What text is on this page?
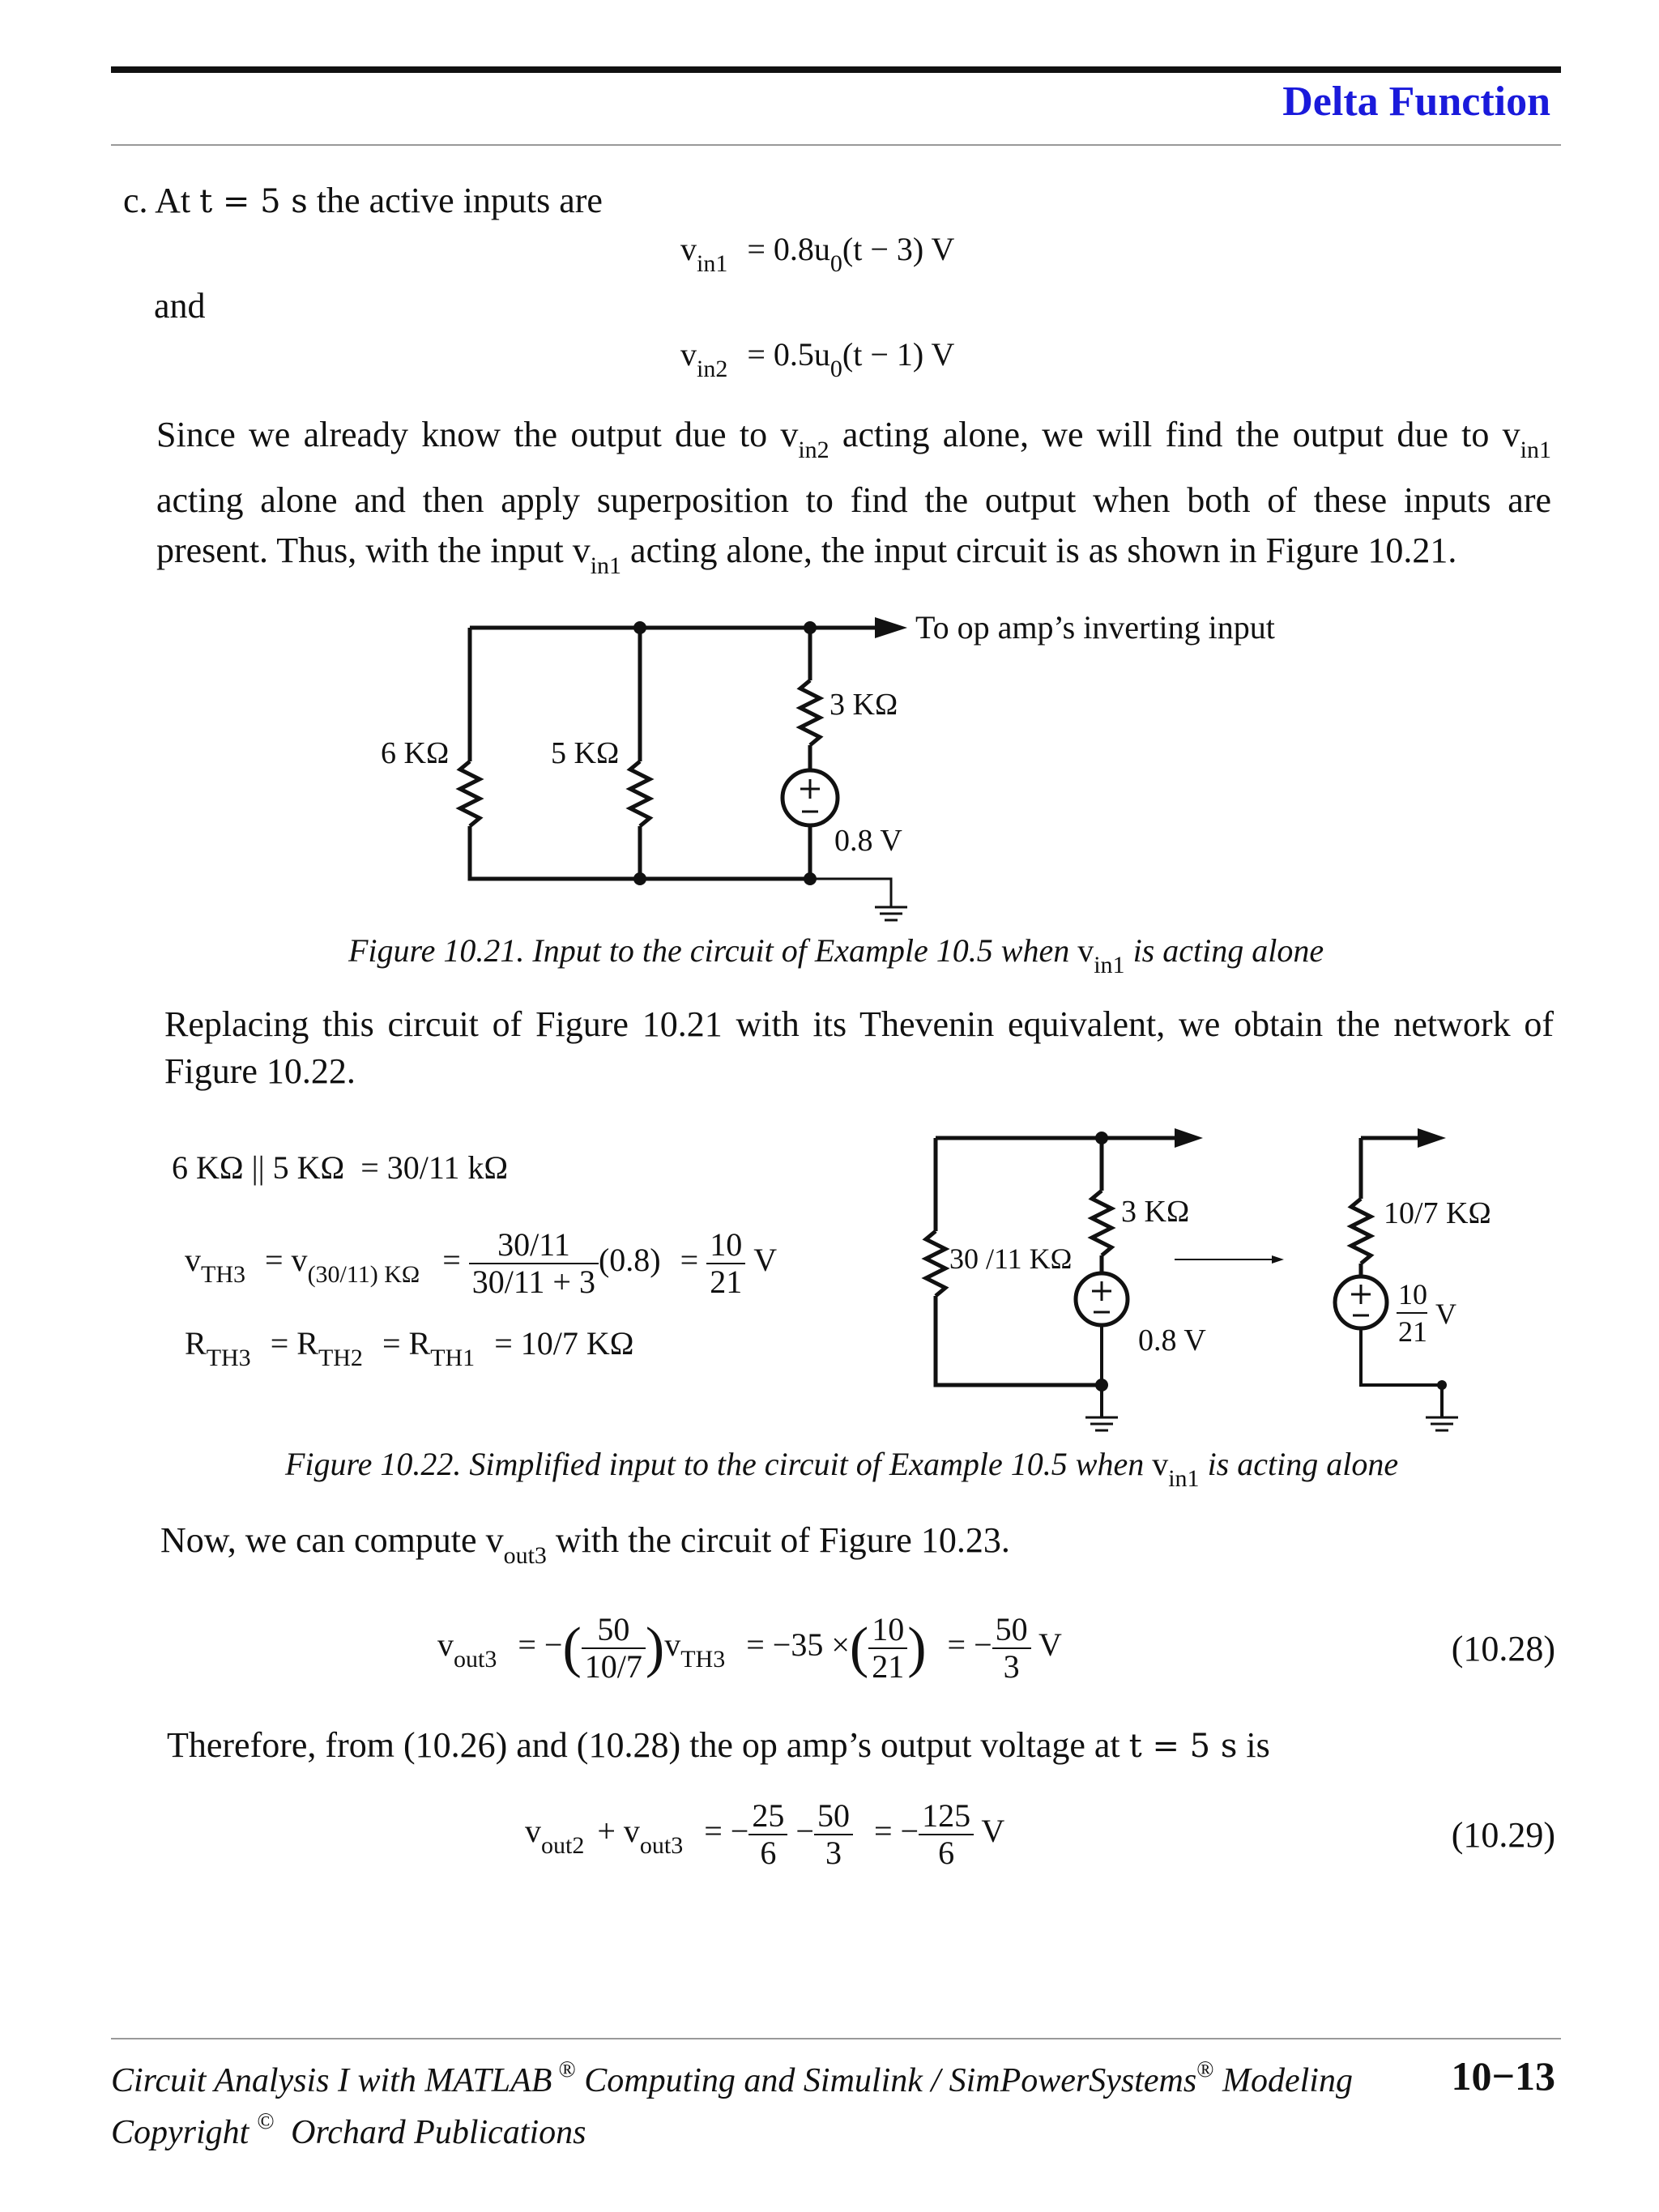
Delta Function
c. At t = 5 s the active inputs are
$v_{in1} = 0.8u_0(t - 3)$ V
and
$v_{in2} = 0.5u_0(t - 1)$ V
Since we already know the output due to $v_{in2}$ acting alone, we will find the output due to $v_{in1}$ acting alone and then apply superposition to find the output when both of these inputs are present. Thus, with the input $v_{in1}$ acting alone, the input circuit is as shown in Figure 10.21.
6 KΩ	5 KΩ
3 KΩ
0.8 V
To op amp’s inverting input
Figure 10.21. Input to the circuit of Example 10.5 when $v_{in1}$ is acting alone
Replacing this circuit of Figure 10.21 with its Thevenin equivalent, we obtain the network of Figure 10.22.
6 KΩ || 5 KΩ  = 30/11 kΩ
$v_{TH3} = v_{(30/11) K\Omega} = \frac{30/11}{30/11 + 3} (0.8) = \frac{10}{21}$ V
$R_{TH3} = R_{TH2} = R_{TH1} = 10/7$ KΩ
30 /11 KΩ
3 KΩ
0.8 V
10/7 KΩ
10
21
V
Figure 10.22. Simplified input to the circuit of Example 10.5 when $v_{in1}$ is acting alone
Now, we can compute $v_{out3}$ with the circuit of Figure 10.23.
$v_{out3}$ = −( $\frac{50}{10/7} )v_{TH3} = -35$ ×( $\frac{10}{21}$ ) = − $\frac{50}{3}$ V	(10.28)
Therefore, from (10.26) and (10.28) the op amp’s output voltage at t = 5 s is
$v_{out2} + v_{out3}$ = − $\frac{25}{6} - \frac{50}{3}$ = − $\frac{125}{6}$ V	(10.29)
Circuit Analysis I with MATLAB ® Computing and Simulink / SimPowerSystems® Modeling 10−13
Copyright © Orchard Publications
